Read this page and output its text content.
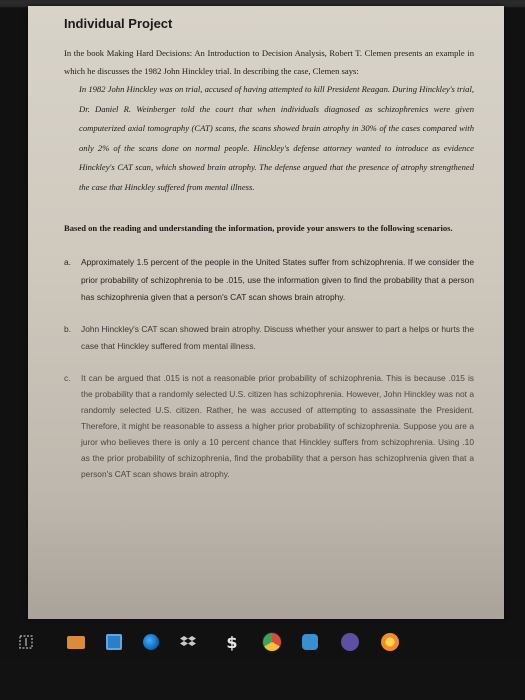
Individual Project

In the book Making Hard Decisions: An Introduction to Decision Analysis, Robert T. Clemen presents an example in which he discusses the 1982 John Hinckley trial. In describing the case, Clemen says:

In 1982 John Hinckley was on trial, accused of having attempted to kill President Reagan. During Hinckley's trial, Dr. Daniel R. Weinberger told the court that when individuals diagnosed as schizophrenics were given computerized axial tomography (CAT) scans, the scans showed brain atrophy in 30% of the cases compared with only 2% of the scans done on normal people. Hinckley's defense attorney wanted to introduce as evidence Hinckley's CAT scan, which showed brain atrophy. The defense argued that the presence of atrophy strengthened the case that Hinckley suffered from mental illness.

Based on the reading and understanding the information, provide your answers to the following scenarios.

a. Approximately 1.5 percent of the people in the United States suffer from schizophrenia. If we consider the prior probability of schizophrenia to be .015, use the information given to find the probability that a person has schizophrenia given that a person's CAT scan shows brain atrophy.
b. John Hinckley's CAT scan showed brain atrophy. Discuss whether your answer to part a helps or hurts the case that Hinckley suffered from mental illness.
c. It can be argued that .015 is not a reasonable prior probability of schizophrenia. This is because .015 is the probability that a randomly selected U.S. citizen has schizophrenia. However, John Hinckley was not a randomly selected U.S. citizen. Rather, he was accused of attempting to assassinate the President. Therefore, it might be reasonable to assess a higher prior probability of schizophrenia. Suppose you are a juror who believes there is only a 10 percent chance that Hinckley suffers from schizophrenia. Using .10 as the prior probability of schizophrenia, find the probability that a person has schizophrenia given that a person's CAT scan shows brain atrophy.
$
